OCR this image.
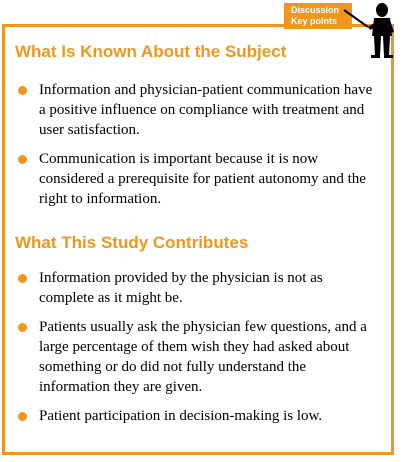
Discussion
Key points
What Is Known About the Subject
Information and physician-patient communication have a positive influence on compliance with treatment and user satisfaction.
Communication is important because it is now considered a prerequisite for patient autonomy and the right to information.
What This Study Contributes
Information provided by the physician is not as complete as it might be.
Patients usually ask the physician few questions, and a large percentage of them wish they had asked about something or do did not fully understand the information they are given.
Patient participation in decision-making is low.
